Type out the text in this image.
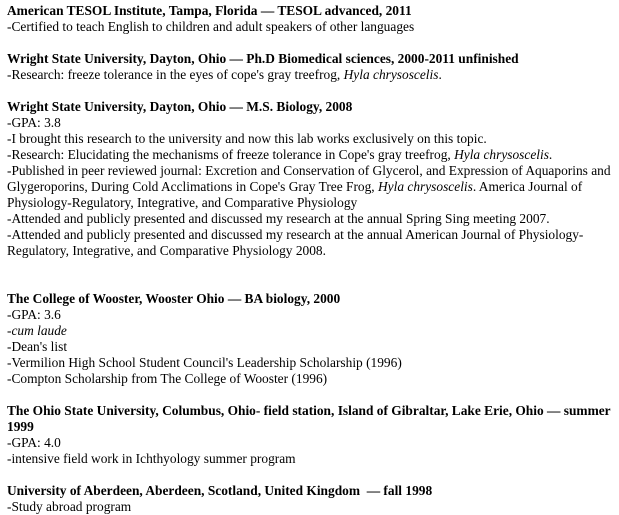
American TESOL Institute, Tampa, Florida — TESOL advanced, 2011

-Certified to teach English to children and adult speakers of other languages

Wright State University, Dayton, Ohio — Ph.D Biomedical sciences, 2000-2011 unfinished

-Research: freeze tolerance in the eyes of cope's gray treefrog, Hyla chrysoscelis.

Wright State University, Dayton, Ohio — M.S. Biology, 2008

-GPA: 3.8

-I brought this research to the university and now this lab works exclusively on this topic.

-Research: Elucidating the mechanisms of freeze tolerance in Cope's gray treefrog, Hyla chrysoscelis.

-Published in peer reviewed journal: Excretion and Conservation of Glycerol, and Expression of Aquaporins and Glygeroporins, During Cold Acclimations in Cope's Gray Tree Frog, Hyla chrysoscelis. America Journal of Physiology-Regulatory, Integrative, and Comparative Physiology

-Attended and publicly presented and discussed my research at the annual Spring Sing meeting 2007.

-Attended and publicly presented and discussed my research at the annual American Journal of Physiology-Regulatory, Integrative, and Comparative Physiology 2008.

The College of Wooster, Wooster Ohio — BA biology, 2000

-GPA: 3.6

-cum laude

-Dean's list

-Vermilion High School Student Council's Leadership Scholarship (1996)

-Compton Scholarship from The College of Wooster (1996)

The Ohio State University, Columbus, Ohio- field station, Island of Gibraltar, Lake Erie, Ohio — summer 1999

-GPA: 4.0

-intensive field work in Ichthyology summer program

University of Aberdeen, Aberdeen, Scotland, United Kingdom  — fall 1998

-Study abroad program
